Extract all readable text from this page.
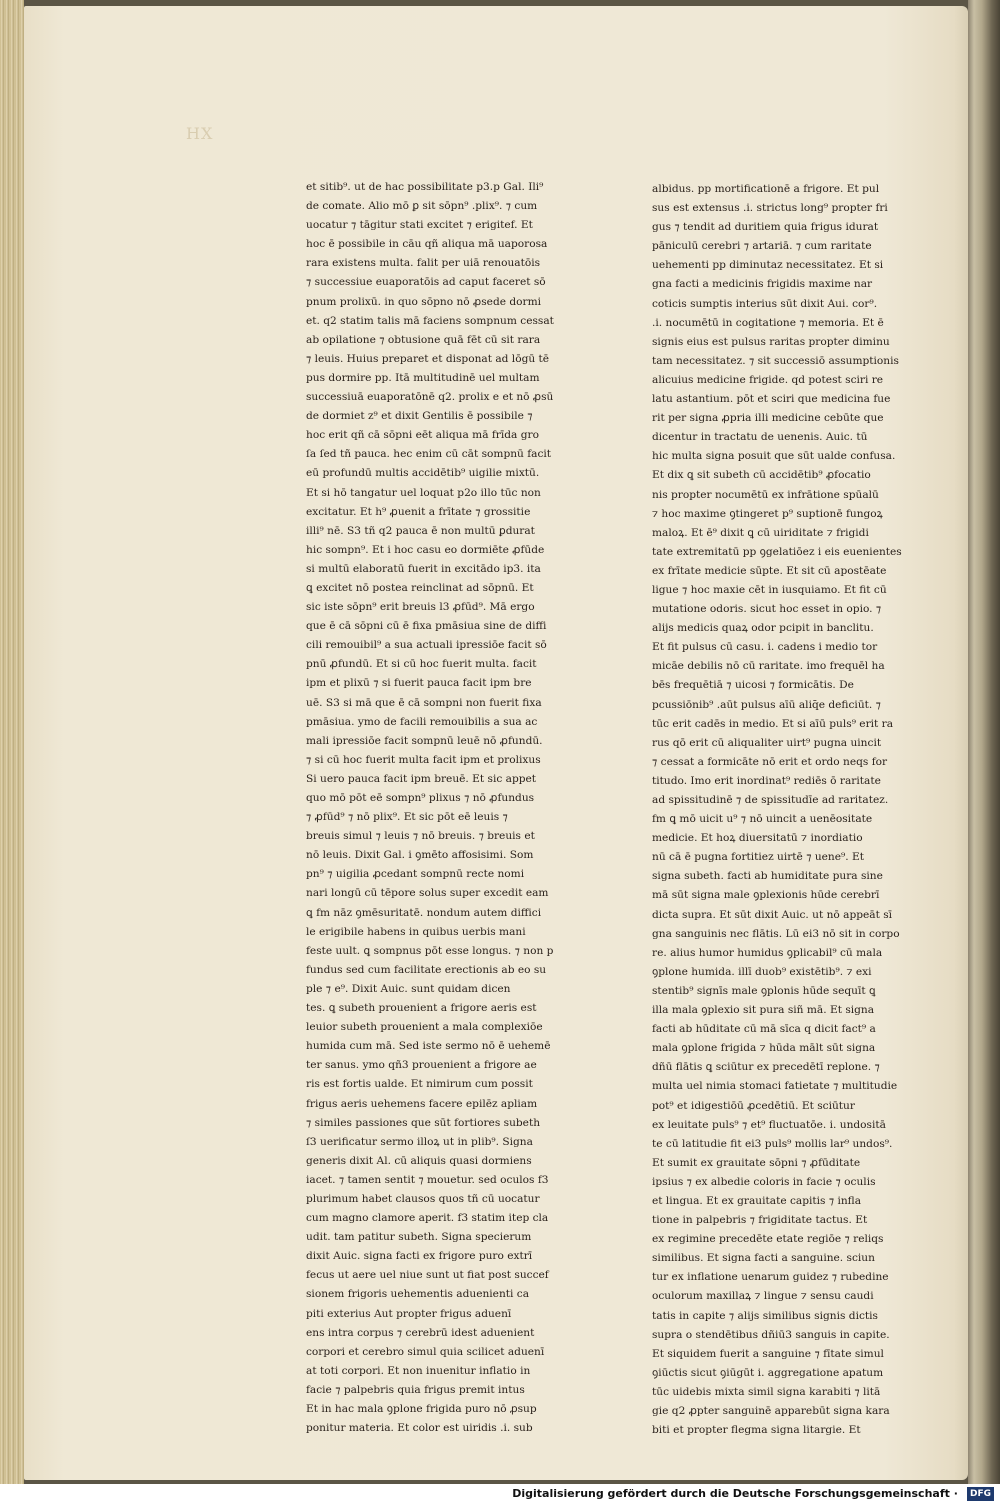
HX
et sitib⁹. ut de hac possibilitate p3.p Gal. Ili⁹
de comate. Alio mō ꝑ sit sōpn⁹ .plix⁹. ⁊ cum
uocatur ⁊ tāgitur stati excitet ⁊ erigitef. Et
hoc ē possibile in cāu qñ aliqua mā uaporosa
rara existens multa. falit per uiā renouatōis
⁊ successiue euaporatōis ad caput faceret sō
pnum prolixū. in quo sōpno nō ꝓsede dormi
et. q2 statim talis mā faciens sompnum cessat
ab opilatione ⁊ obtusione quā fēt cū sit rara
⁊ leuis. Huius preparet et disponat ad lōgū tē
pus dormire pp. Itā multitudinē uel multam
successiuā euaporatōnē q2. prolix e et nō ꝓsū
de dormiet z⁹ et dixit Gentilis ē possibile ⁊
hoc erit qñ cā sōpni eēt aliqua mā frīda gro
ſa ſed tñ pauca. hec enim cū cāt sompnū facit
eū profundū multis accidētib⁹ uigilie mixtū.
Et si hō tangatur uel loquat p2o illo tūc non
excitatur. Et h⁹ ꝓuenit a frītate ⁊ grossitie
illi⁹ nē. S3 tñ q2 pauca ē non multū ꝑdurat
hic sompn⁹. Et i hoc casu eo dormiēte ꝓfūde
si multū elaboratū fuerit in excitādo ip3. ita
ꝗ excitet nō postea reinclinat ad sōpnū. Et
sic iste sōpn⁹ erit breuis l3 ꝓfūd⁹. Mā ergo
que ē cā sōpni cū ē fixa pmāsiua sine de diffi
cili remouibil⁹ a sua actuali ipressiōe facit sō
pnū ꝓfundū. Et si cū hoc fuerit multa. facit
ipm et plixū ⁊ si fuerit pauca facit ipm bre
uē. S3 si mā que ē cā sompni non fuerit fixa
pmāsiua. ymo de facili remouibilis a sua ac
mali ipressiōe facit sompnū leuē nō ꝓfundū.
⁊ si cū hoc fuerit multa facit ipm et prolixus
Si uero pauca facit ipm breuē. Et sic appet
quo mō pōt eē sompn⁹ plixus ⁊ nō ꝓfundus
⁊ ꝓfūd⁹ ⁊ nō plix⁹. Et sic pōt eē leuis ⁊
breuis simul ⁊ leuis ⁊ nō breuis. ⁊ breuis et
nō leuis. Dixit Gal. i ꝯmēto affosisimi. Som
pn⁹ ⁊ uigilia ꝓcedant sompnū recte nomi
nari longū cū tēpore solus super excedit eam
ꝗ fm nāz ꝯmēsuritatē. nondum autem diffici
le erigibile habens in quibus uerbis mani
feste uult. ꝗ sompnus pōt esse longus. ⁊ non p
fundus sed cum facilitate erectionis ab eo su
ple ⁊ e⁹. Dixit Auic. sunt quidam dicen
tes. ꝗ subeth prouenient a frigore aeris est
leuior subeth prouenient a mala complexiōe
humida cum mā. Sed iste sermo nō ē uehemē
ter sanus. ymo qñ3 prouenient a frigore ae
ris est fortis ualde. Et nimirum cum possit
frigus aeris uehemens facere epilēz apliam
⁊ similes passiones que sūt fortiores subeth
ſ3 uerificatur sermo illoꝝ ut in plib⁹. Signa
generis dixit Al. cū aliquis quasi dormiens
iacet. ⁊ tamen sentit ⁊ mouetur. sed oculos f3
plurimum habet clausos quos tñ cū uocatur
cum magno clamore aperit. f3 statim itep cla
udit. tam patitur subeth. Signa specierum
dixit Auic. signa facti ex frigore puro extrī
fecus ut aere uel niue sunt ut fiat post succef
sionem frigoris uehementis aduenienti ca
piti exterius Aut propter frigus aduenī
ens intra corpus ⁊ cerebrū idest aduenient
corpori et cerebro simul quia scilicet aduenī
at toti corpori. Et non inuenitur inflatio in
facie ⁊ palpebris quia frigus premit intus
Et in hac mala ꝯplone frigida puro nō ꝓsup
ponitur materia. Et color est uiridis .i. sub
albidus. pp mortificationē a frigore. Et pul
sus est extensus .i. strictus long⁹ propter fri
gus ⁊ tendit ad duritiem quia frigus idurat
pāniculū cerebri ⁊ artariā. ⁊ cum raritate
uehementi pp diminutaz necessitatez. Et si
gna facti a medicinis frigidis maxime nar
coticis sumptis interius sūt dixit Aui. cor⁹.
.i. nocumētū in cogitatione ⁊ memoria. Et ē
signis eius est pulsus raritas propter diminu
tam necessitatez. ⁊ sit successiō assumptionis
alicuius medicine frigide. qd potest sciri re
latu astantium. pōt et sciri que medicina fue
rit per signa ꝓpria illi medicine cebūte que
dicentur in tractatu de uenenis. Auic. tū
hic multa signa posuit que sūt ualde confusa.
Et dix ꝗ sit subeth cū accidētib⁹ ꝓfocatio
nis propter nocumētū ex infrātione spūalū
⁊ hoc maxime ꝯtingeret p⁹ suptionē fungoꝝ
maloꝝ. Et ē⁹ dixit ꝗ cū uiriditate ⁊ frigidi
tate extremitatū pp ꝯgelatiōez i eis euenientes
ex frītate medicie sūpte. Et sit cū apostēate
ligue ⁊ hoc maxie cēt in iusquiamo. Et fit cū
mutatione odoris. sicut hoc esset in opio. ⁊
alijs medicis quaꝝ odor pcipit in banclitu.
Et fit pulsus cū casu. i. cadens i medio tor
micāe debilis nō cū raritate. imo frequēl ha
bēs frequētiā ⁊ uicosi ⁊ formicātis. De
pcussiōnib⁹ .aūt pulsus aīū aliq̄e deficiūt. ⁊
tūc erit cadēs in medio. Et si aīū puls⁹ erit ra
rus qō erit cū aliqualiter uirt⁹ pugna uincit
⁊ cessat a formicāte nō erit et ordo neqs for
titudo. Imo erit inordinat⁹ rediēs ō raritate
ad spissitudinē ⁊ de spissitudīe ad raritatez.
fm ꝗ mō uicit u⁹ ⁊ nō uincit a uenēositate
medicie. Et hoꝝ diuersitatū ⁊ inordiatio
nū cā ē pugna fortitiez uirtē ⁊ uene⁹. Et
signa subeth. facti ab humiditate pura sine
mā sūt signa male ꝯplexionis hūde cerebrī
dicta supra. Et sūt dixit Auic. ut nō appeāt sī
gna sanguinis nec flātis. Lū ei3 nō sit in corpo
re. alius humor humidus ꝯplicabil⁹ cū mala
ꝯplone humida. illī duob⁹ existētib⁹. ⁊ exi
stentib⁹ signīs male ꝯplonis hūde sequīt ꝗ
illa mala ꝯplexio sit pura siñ mā. Et signa
facti ab hūditate cū mā sīca q dicit fact⁹ a
mala ꝯplone frigida ⁊ hūda mālt sūt signa
dñū flātis ꝗ sciūtur ex precedētī replone. ⁊
multa uel nimia stomaci fatietate ⁊ multitudie
pot⁹ et idigestiōū ꝓcedētiū. Et sciūtur
ex leuitate puls⁹ ⁊ et⁹ fluctuatōe. i. undositā
te cū latitudie fit ei3 puls⁹ mollis lar⁹ undos⁹.
Et sumit ex grauitate sōpni ⁊ ꝓfūditate
ipsius ⁊ ex albedie coloris in facie ⁊ oculis
et lingua. Et ex grauitate capitis ⁊ infla
tione in palpebris ⁊ frigiditate tactus. Et
ex regimine precedēte etate regiōe ⁊ reliqs
similibus. Et signa facti a sanguine. sciun
tur ex inflatione uenarum guidez ⁊ rubedine
oculorum maxillaꝝ ⁊ lingue ⁊ sensu caudi
tatis in capite ⁊ alijs similibus signis dictis
supra o stendētibus dñiū3 sanguis in capite.
Et siquidem fuerit a sanguine ⁊ fītate simul
ꝯiūctis sicut ꝯiūgūt i. aggregatione apatum
tūc uidebis mixta simil signa karabiti ⁊ litā
gie q2 ꝓpter sanguinē apparebūt signa kara
biti et propter flegma signa litargie. Et
Digitalisierung gefördert durch die Deutsche Forschungsgemeinschaft · DFG
